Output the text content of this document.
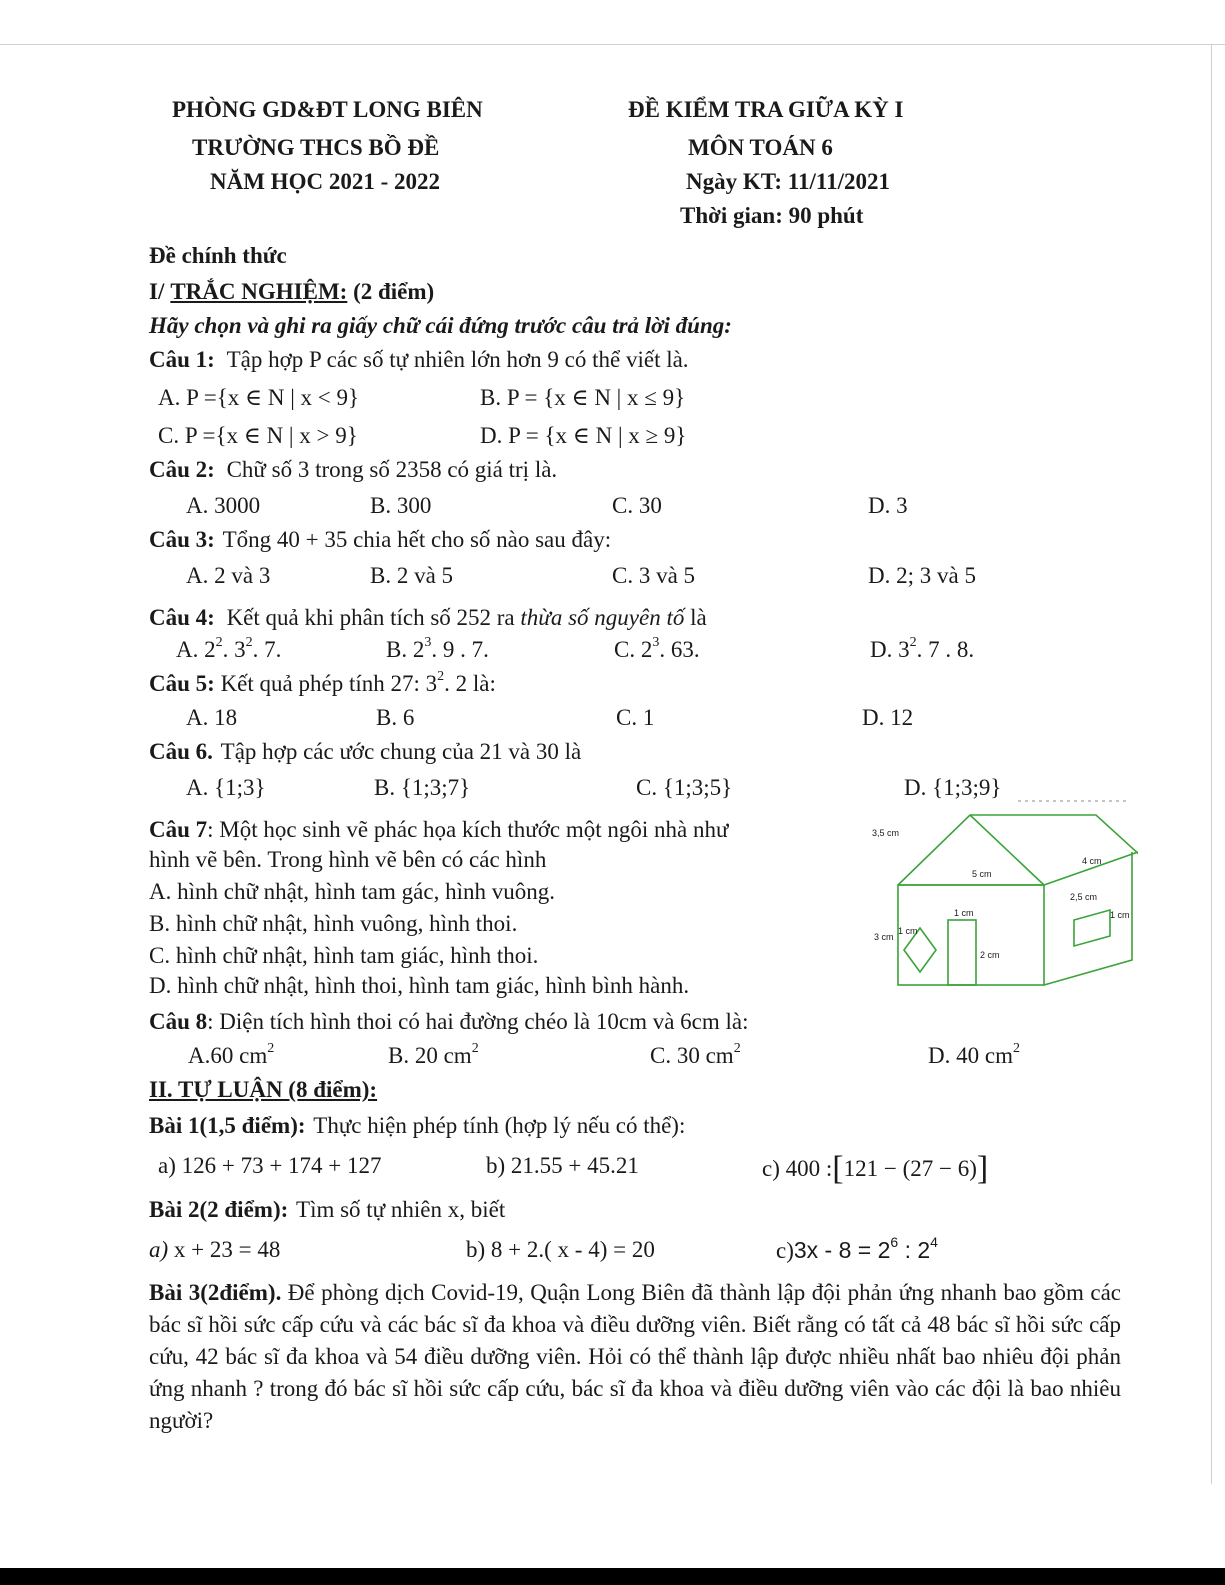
PHÒNG GD&ĐT LONG BIÊN
TRƯỜNG THCS BỒ ĐỀ
NĂM HỌC 2021 - 2022
ĐỀ KIỂM TRA GIỮA KỲ I
MÔN TOÁN 6
Ngày KT: 11/11/2021
Thời gian: 90 phút
Đề chính thức
I/ TRẮC NGHIỆM: (2 điểm)
Hãy chọn và ghi ra giấy chữ cái đứng trước câu trả lời đúng:
Câu 1: Tập hợp P các số tự nhiên lớn hơn 9 có thể viết là.
A. P ={x ∈ N | x < 9}	B. P = {x ∈ N | x ≤ 9}
C. P ={x ∈ N | x > 9}	D. P = {x ∈ N | x ≥ 9}
Câu 2: Chữ số 3 trong số 2358 có giá trị là.
A. 3000	B. 300	C. 30	D. 3
Câu 3: Tổng 40 + 35 chia hết cho số nào sau đây:
A. 2 và 3	B. 2 và 5	C. 3 và 5	D. 2; 3 và 5
Câu 4: Kết quả khi phân tích số 252 ra thừa số nguyên tố là
A. $2^2$. $3^2$. 7.	B. $2^3$. 9 . 7.	C. $2^3$. 63.	D. $3^2$. 7 . 8.
Câu 5: Kết quả phép tính 27: $3^2$. 2 là:
A. 18	B. 6	C. 1	D. 12
Câu 6. Tập hợp các ước chung của 21 và 30 là
A. {1;3}	B. {1;3;7}	C. {1;3;5}	D. {1;3;9}
Câu 7: Một học sinh vẽ phác họa kích thước một ngôi nhà như
hình vẽ bên. Trong hình vẽ bên có các hình
A. hình chữ nhật, hình tam gác, hình vuông.
B. hình chữ nhật, hình vuông, hình thoi.
C. hình chữ nhật, hình tam giác, hình thoi.
D. hình chữ nhật, hình thoi, hình tam giác, hình bình hành.
3,5 cm
4 cm
5 cm
2,5 cm
1 cm	1 cm
3 cm
1 cm
2 cm
Câu 8: Diện tích hình thoi có hai đường chéo là 10cm và 6cm là:
A.60 $cm^2$	B. 20 $cm^2$	C. 30 $cm^2$	D. 40 $cm^2$
II. TỰ LUẬN (8 điểm):
Bài 1(1,5 điểm): Thực hiện phép tính (hợp lý nếu có thể):
a) 126 + 73 + 174 + 127	b) 21.55 + 45.21	c) 400 :[121 − (27 − 6)]
Bài 2(2 điểm): Tìm số tự nhiên x, biết
a) x + 23 = 48	b) 8 + 2.( x - 4) = 20	$c)3x - 8 = 2^6$ : $2^4$
Bài 3(2điểm). Để phòng dịch Covid-19, Quận Long Biên đã thành lập đội phản ứng nhanh bao gồm các bác sĩ hồi sức cấp cứu và các bác sĩ đa khoa và điều dưỡng viên. Biết rằng có tất cả 48 bác sĩ hồi sức cấp cứu, 42 bác sĩ đa khoa và 54 điều dưỡng viên. Hỏi có thể thành lập được nhiều nhất bao nhiêu đội phản ứng nhanh ? trong đó bác sĩ hồi sức cấp cứu, bác sĩ đa khoa và điều dưỡng viên vào các đội là bao nhiêu người?
